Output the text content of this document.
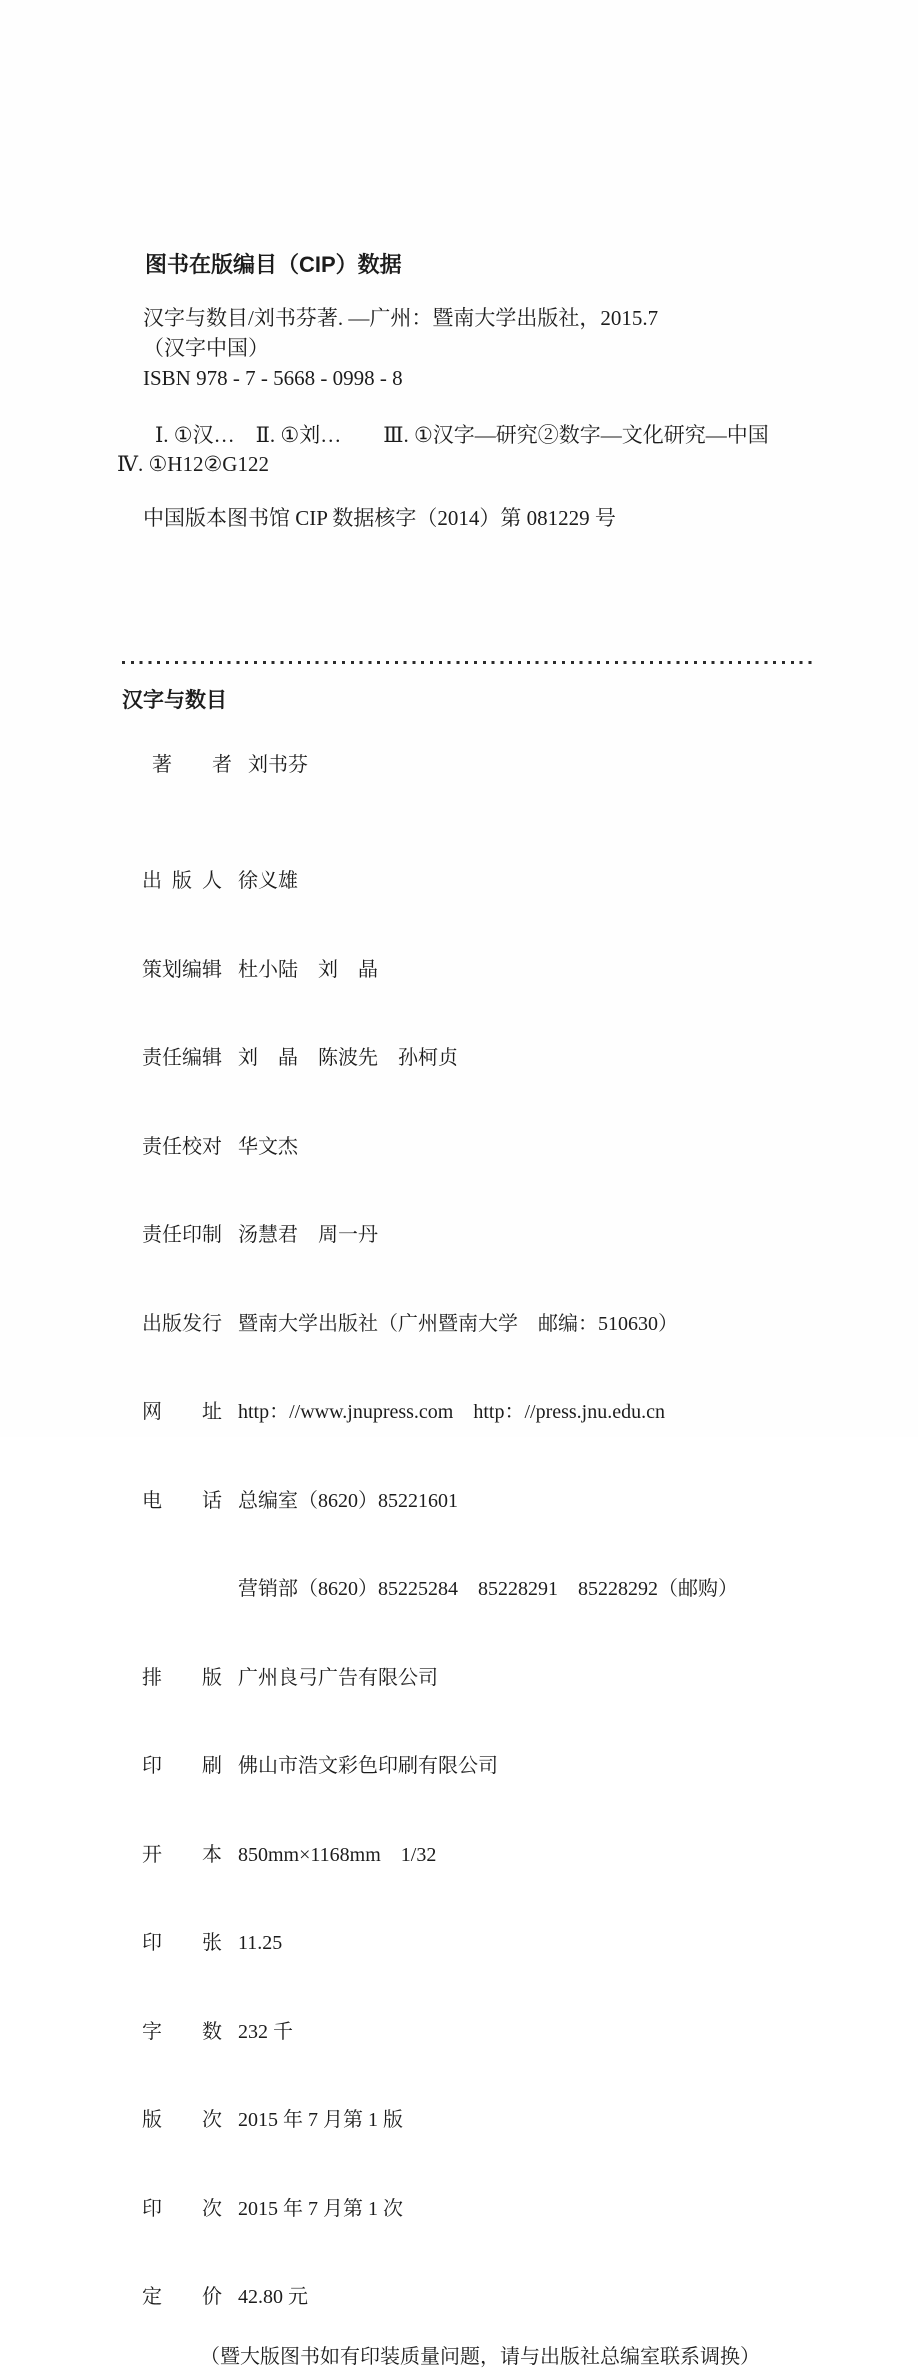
图书在版编目（CIP）数据
汉字与数目/刘书芬著. —广州：暨南大学出版社，2015.7
（汉字中国）
ISBN 978 - 7 - 5668 - 0998 - 8
Ⅰ. ①汉…　Ⅱ. ①刘…　　Ⅲ. ①汉字—研究②数字—文化研究—中国
Ⅳ. ①H12②G122
中国版本图书馆 CIP 数据核字（2014）第 081229 号
汉字与数目

著者 刘书芬

出版人 徐义雄

策划编辑 杜小陆　刘　晶

责任编辑 刘　晶　陈波先　孙柯贞

责任校对 华文杰

责任印制 汤慧君　周一丹

出版发行 暨南大学出版社（广州暨南大学　邮编：510630）

网址 http：//www.jnupress.com　http：//press.jnu.edu.cn

电话 总编室（8620）85221601

营销部（8620）85225284　85228291　85228292（邮购）

排版 广州良弓广告有限公司

印刷 佛山市浩文彩色印刷有限公司

开本 850mm×1168mm　1/32

印张 11.25

字数 232 千

版次 2015 年 7 月第 1 版

印次 2015 年 7 月第 1 次

定价 42.80 元

（暨大版图书如有印装质量问题，请与出版社总编室联系调换）
